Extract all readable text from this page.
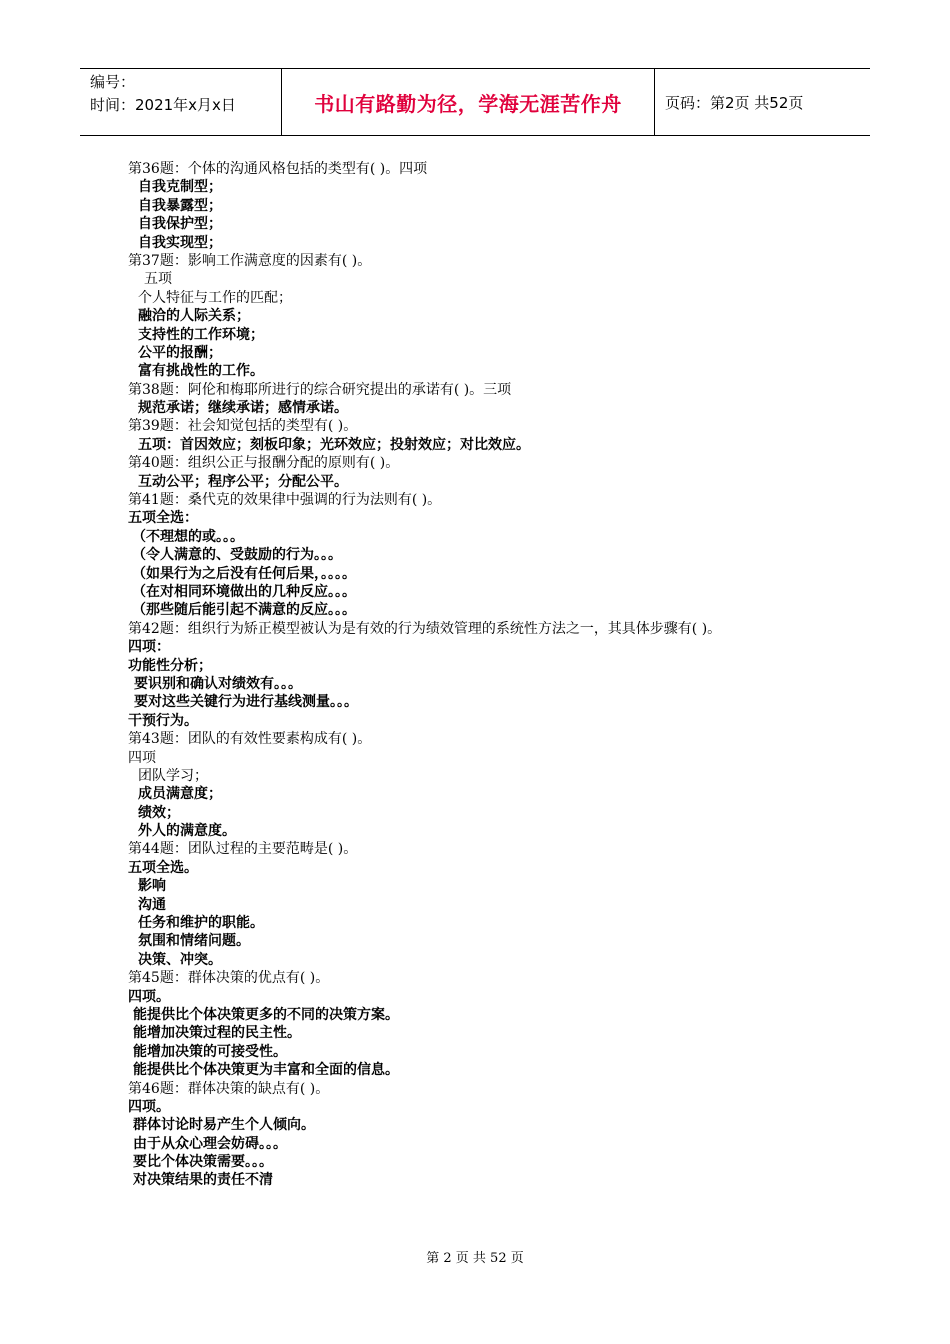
编号：
时间：2021年x月x日	书山有路勤为径，学海无涯苦作舟	页码：第2页 共52页
第36题：个体的沟通风格包括的类型有( )。四项
自我克制型；
自我暴露型；
自我保护型；
自我实现型；
第37题：影响工作满意度的因素有( )。
五项
个人特征与工作的匹配；
融洽的人际关系；
支持性的工作环境；
公平的报酬；
富有挑战性的工作。
第38题：阿伦和梅耶所进行的综合研究提出的承诺有( )。三项
规范承诺；继续承诺；感情承诺。
第39题：社会知觉包括的类型有( )。
五项：首因效应；刻板印象；光环效应；投射效应；对比效应。
第40题：组织公正与报酬分配的原则有( )。
互动公平；程序公平；分配公平。
第41题：桑代克的效果律中强调的行为法则有( )。
五项全选：
（不理想的或。。。
（令人满意的、受鼓励的行为。。。
（如果行为之后没有任何后果，。。。。
（在对相同环境做出的几种反应。。。
（那些随后能引起不满意的反应。。。
第42题：组织行为矫正模型被认为是有效的行为绩效管理的系统性方法之一，其具体步骤有( )。
四项：
功能性分析；
要识别和确认对绩效有。。。
要对这些关键行为进行基线测量。。。
干预行为。
第43题：团队的有效性要素构成有( )。
四项
团队学习；
成员满意度；
绩效；
外人的满意度。
第44题：团队过程的主要范畴是( )。
五项全选。
影响
沟通
任务和维护的职能。
氛围和情绪问题。
决策、冲突。
第45题：群体决策的优点有( )。
四项。
能提供比个体决策更多的不同的决策方案。
能增加决策过程的民主性。
能增加决策的可接受性。
能提供比个体决策更为丰富和全面的信息。
第46题：群体决策的缺点有( )。
四项。
群体讨论时易产生个人倾向。
由于从众心理会妨碍。。。
要比个体决策需要。。。
对决策结果的责任不清
第 2 页 共 52 页
